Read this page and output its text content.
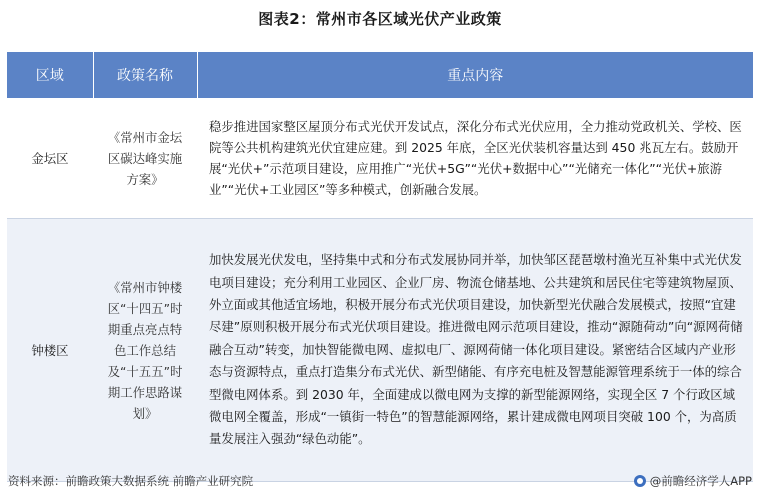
图表2：常州市各区域光伏产业政策
区域	政策名称	重点内容
金坛区	《常州市金坛区碳达峰实施方案》	稳步推进国家整区屋顶分布式光伏开发试点，深化分布式光伏应用，全力推动党政机关、学校、医院等公共机构建筑光伏宜建应建。到 2025 年底，全区光伏装机容量达到 450 兆瓦左右。鼓励开展“光伏+”示范项目建设，应用推广“光伏+5G”“光伏+数据中心”“光储充一体化”“光伏+旅游业”“光伏+工业园区”等多种模式，创新融合发展。
钟楼区	《常州市钟楼区“十四五”时期重点亮点特色工作总结及“十五五”时期工作思路谋划》	加快发展光伏发电，坚持集中式和分布式发展协同并举，加快邹区琵琶墩村渔光互补集中式光伏发电项目建设；充分利用工业园区、企业厂房、物流仓储基地、公共建筑和居民住宅等建筑物屋顶、外立面或其他适宜场地，积极开展分布式光伏项目建设，加快新型光伏融合发展模式，按照“宜建尽建”原则积极开展分布式光伏项目建设。推进微电网示范项目建设，推动“源随荷动”向“源网荷储融合互动”转变，加快智能微电网、虚拟电厂、源网荷储一体化项目建设。紧密结合区域内产业形态与资源特点，重点打造集分布式光伏、新型储能、有序充电桩及智慧能源管理系统于一体的综合型微电网体系。到 2030 年，全面建成以微电网为支撑的新型能源网络，实现全区 7 个行政区域微电网全覆盖，形成“一镇街一特色”的智慧能源网络，累计建成微电网项目突破 100 个，为高质量发展注入强劲“绿色动能”。
资料来源：前瞻政策大数据系统 前瞻产业研究院	@前瞻经济学人APP
